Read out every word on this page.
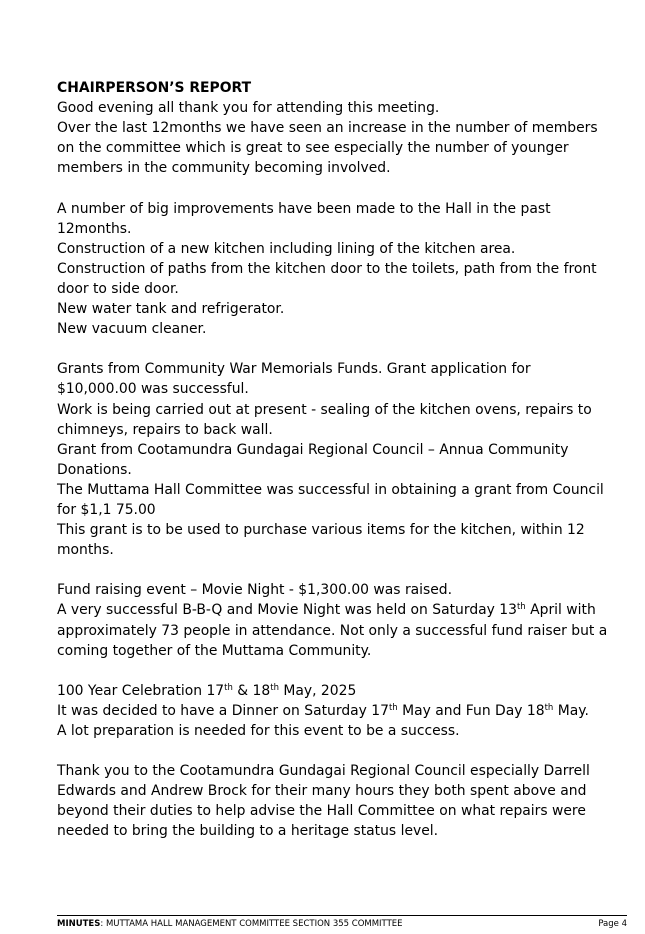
CHAIRPERSON’S REPORT

Good evening all thank you for attending this meeting.
Over the last 12months we have seen an increase in the number of members
on the committee which is great to see especially the number of younger
members in the community becoming involved.

A number of big improvements have been made to the Hall in the past
12months.
Construction of a new kitchen including lining of the kitchen area.
Construction of paths from the kitchen door to the toilets, path from the front
door to side door.
New water tank and refrigerator.
New vacuum cleaner.

Grants from Community War Memorials Funds. Grant application for
$10,000.00 was successful.
Work is being carried out at present - sealing of the kitchen ovens, repairs to
chimneys, repairs to back wall.
Grant from Cootamundra Gundagai Regional Council – Annua Community
Donations.
The Muttama Hall Committee was successful in obtaining a grant from Council
for $1,1 75.00
This grant is to be used to purchase various items for the kitchen, within 12
months.

Fund raising event – Movie Night - $1,300.00 was raised.
A very successful B-B-Q and Movie Night was held on Saturday 13th April with
approximately 73 people in attendance. Not only a successful fund raiser but a
coming together of the Muttama Community.

100 Year Celebration 17th & 18th May, 2025
It was decided to have a Dinner on Saturday 17th May and Fun Day 18th May.
A lot preparation is needed for this event to be a success.

Thank you to the Cootamundra Gundagai Regional Council especially Darrell
Edwards and Andrew Brock for their many hours they both spent above and
beyond their duties to help advise the Hall Committee on what repairs were
needed to bring the building to a heritage status level.

MINUTES: MUTTAMA HALL MANAGEMENT COMMITTEE SECTION 355 COMMITTEE	Page 4
